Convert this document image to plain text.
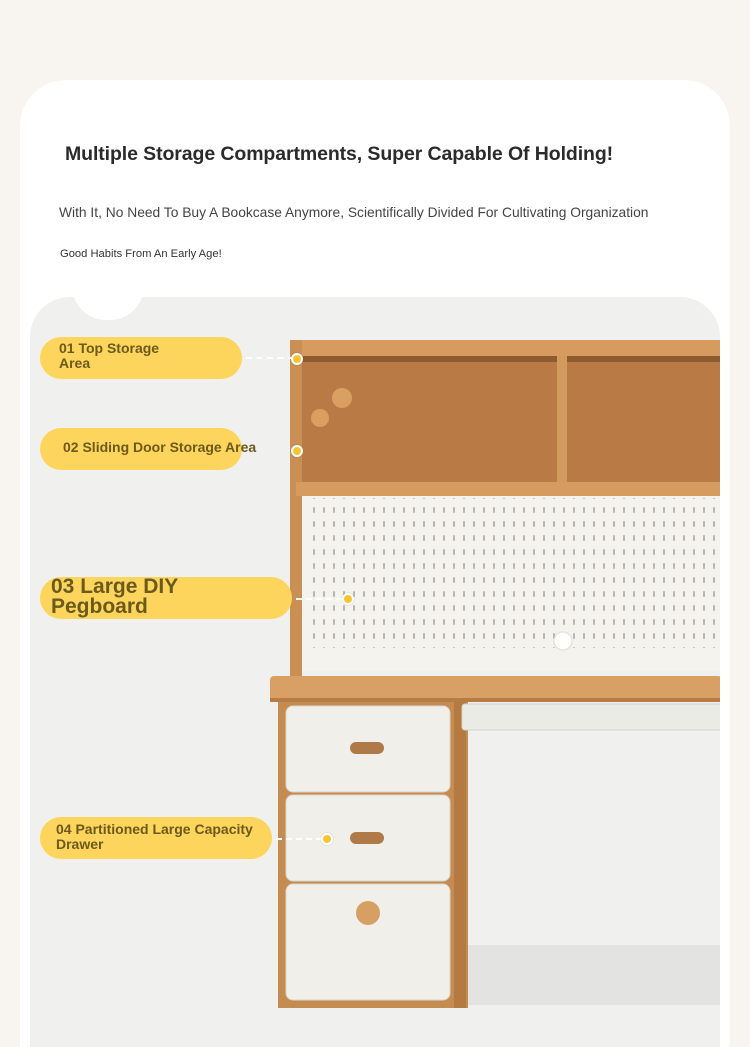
Multiple Storage Compartments, Super Capable Of Holding!
With It, No Need To Buy A Bookcase Anymore, Scientifically Divided For Cultivating Organization
Good Habits From An Early Age!
01 Top Storage
Area
02 Sliding Door Storage Area
03 Large DIY
Pegboard
04 Partitioned Large Capacity
Drawer
